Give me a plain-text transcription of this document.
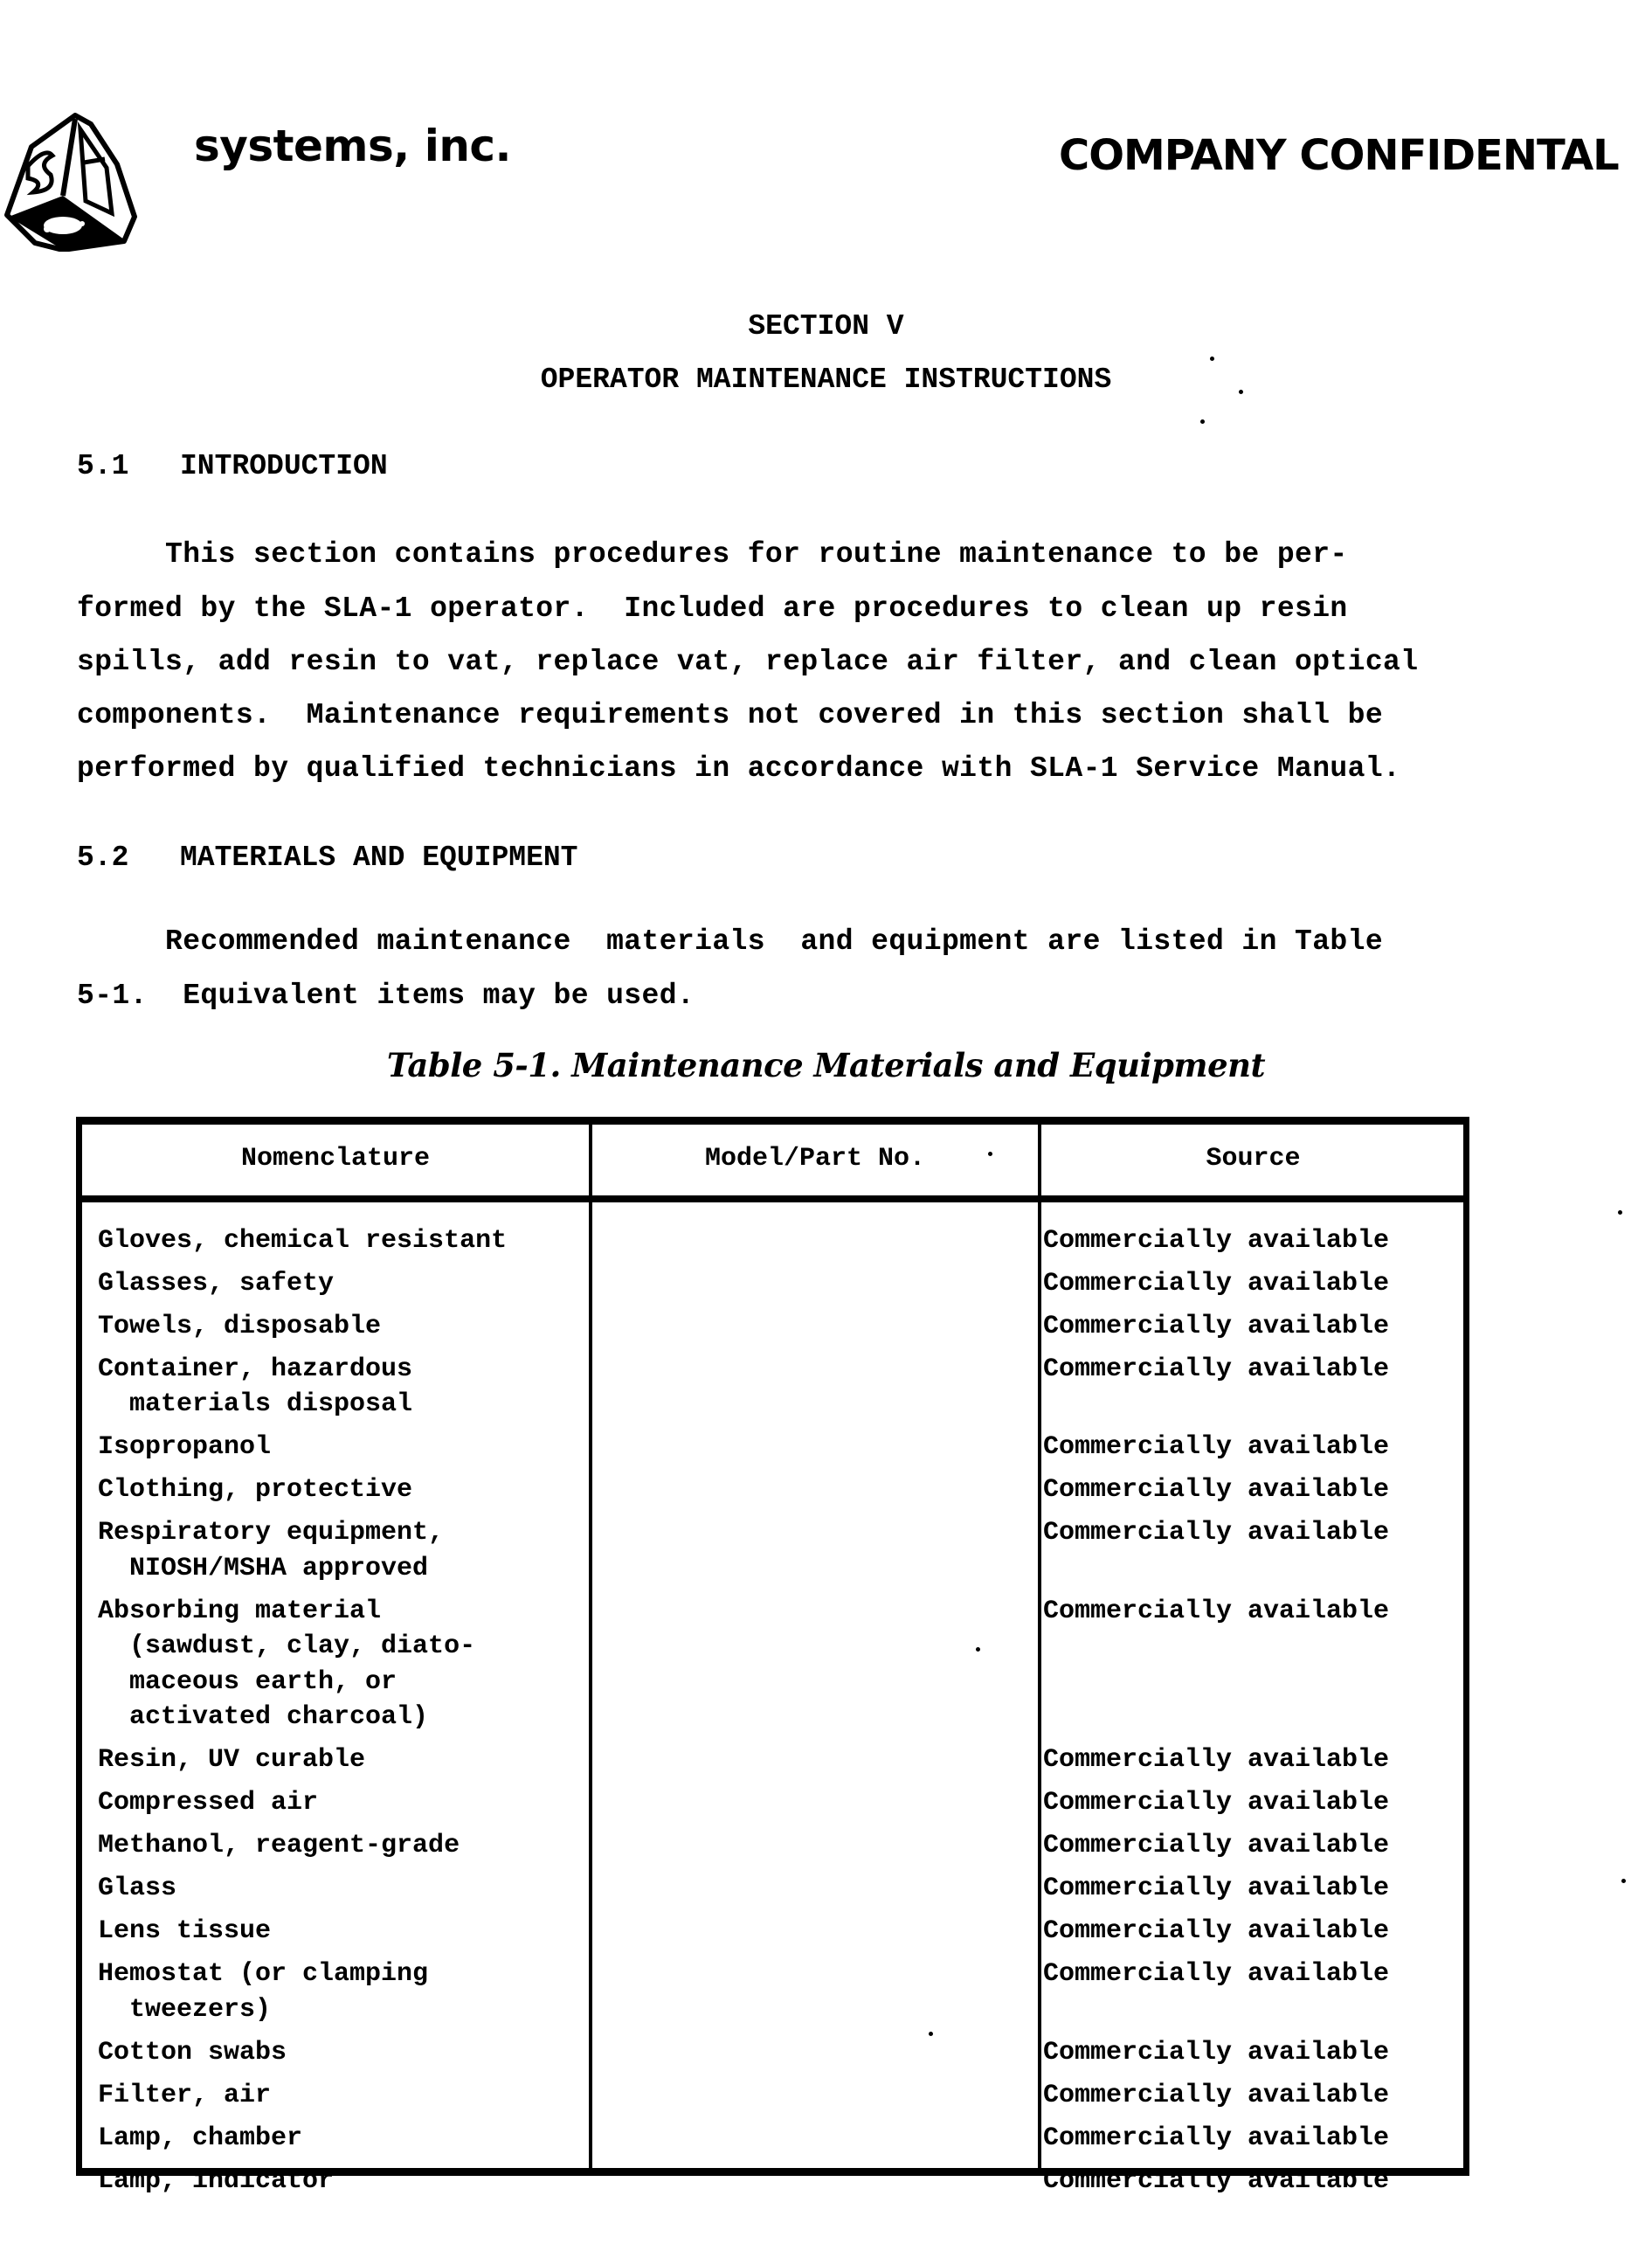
systems, inc.	COMPANY CONFIDENTAL
SECTION V
OPERATOR MAINTENANCE INSTRUCTIONS
5.1 INTRODUCTION
This section contains procedures for routine maintenance to be per-
formed by the SLA-1 operator.  Included are procedures to clean up resin
spills, add resin to vat, replace vat, replace air filter, and clean optical
components.  Maintenance requirements not covered in this section shall be
performed by qualified technicians in accordance with SLA-1 Service Manual.
5.2 MATERIALS AND EQUIPMENT
Recommended maintenance  materials  and equipment are listed in Table
5-1.  Equivalent items may be used.
Table 5-1. Maintenance Materials and Equipment
Nomenclature	Model/Part No.	Source
Gloves, chemical resistant	Commercially available
Glasses, safety	Commercially available
Towels, disposable	Commercially available
Container, hazardous
materials disposal
Commercially available
Isopropanol	Commercially available
Clothing, protective	Commercially available
Respiratory equipment,
NIOSH/MSHA approved
Commercially available
Absorbing material
(sawdust, clay, diato-
maceous earth, or
activated charcoal)
Commercially available
Resin, UV curable	Commercially available
Compressed air	Commercially available
Methanol, reagent-grade	Commercially available
Glass	Commercially available
Lens tissue	Commercially available
Hemostat (or clamping
tweezers)
Commercially available
Cotton swabs	Commercially available
Filter, air	Commercially available
Lamp, chamber	Commercially available
Lamp, indicator	Commercially available
